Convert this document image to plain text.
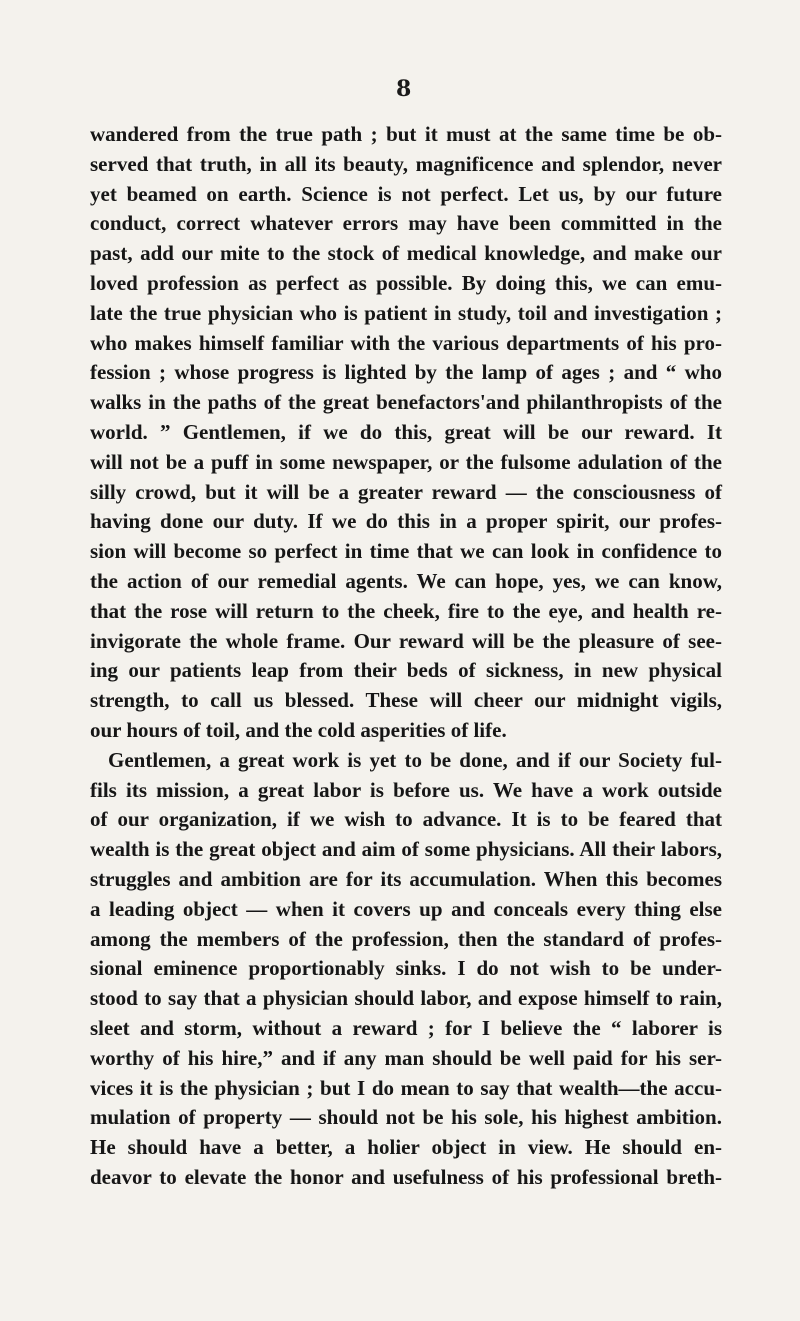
8
wandered from the true path ; but it must at the same time be ob-
served that truth, in all its beauty, magnificence and splendor, never
yet beamed on earth. Science is not perfect. Let us, by our future
conduct, correct whatever errors may have been committed in the
past, add our mite to the stock of medical knowledge, and make our
loved profession as perfect as possible. By doing this, we can emu-
late the true physician who is patient in study, toil and investigation ;
who makes himself familiar with the various departments of his pro-
fession ; whose progress is lighted by the lamp of ages ; and “ who
walks in the paths of the great benefactors'and philanthropists of the
world. ” Gentlemen, if we do this, great will be our reward. It
will not be a puff in some newspaper, or the fulsome adulation of the
silly crowd, but it will be a greater reward — the consciousness of
having done our duty. If we do this in a proper spirit, our profes-
sion will become so perfect in time that we can look in confidence to
the action of our remedial agents. We can hope, yes, we can know,
that the rose will return to the cheek, fire to the eye, and health re-
invigorate the whole frame. Our reward will be the pleasure of see-
ing our patients leap from their beds of sickness, in new physical
strength, to call us blessed. These will cheer our midnight vigils,
our hours of toil, and the cold asperities of life.
Gentlemen, a great work is yet to be done, and if our Society ful-
fils its mission, a great labor is before us. We have a work outside
of our organization, if we wish to advance. It is to be feared that
wealth is the great object and aim of some physicians. All their labors,
struggles and ambition are for its accumulation. When this becomes
a leading object — when it covers up and conceals every thing else
among the members of the profession, then the standard of profes-
sional eminence proportionably sinks. I do not wish to be under-
stood to say that a physician should labor, and expose himself to rain,
sleet and storm, without a reward ; for I believe the “ laborer is
worthy of his hire,” and if any man should be well paid for his ser-
vices it is the physician ; but I do mean to say that wealth—the accu-
mulation of property — should not be his sole, his highest ambition.
He should have a better, a holier object in view. He should en-
deavor to elevate the honor and usefulness of his professional breth-
